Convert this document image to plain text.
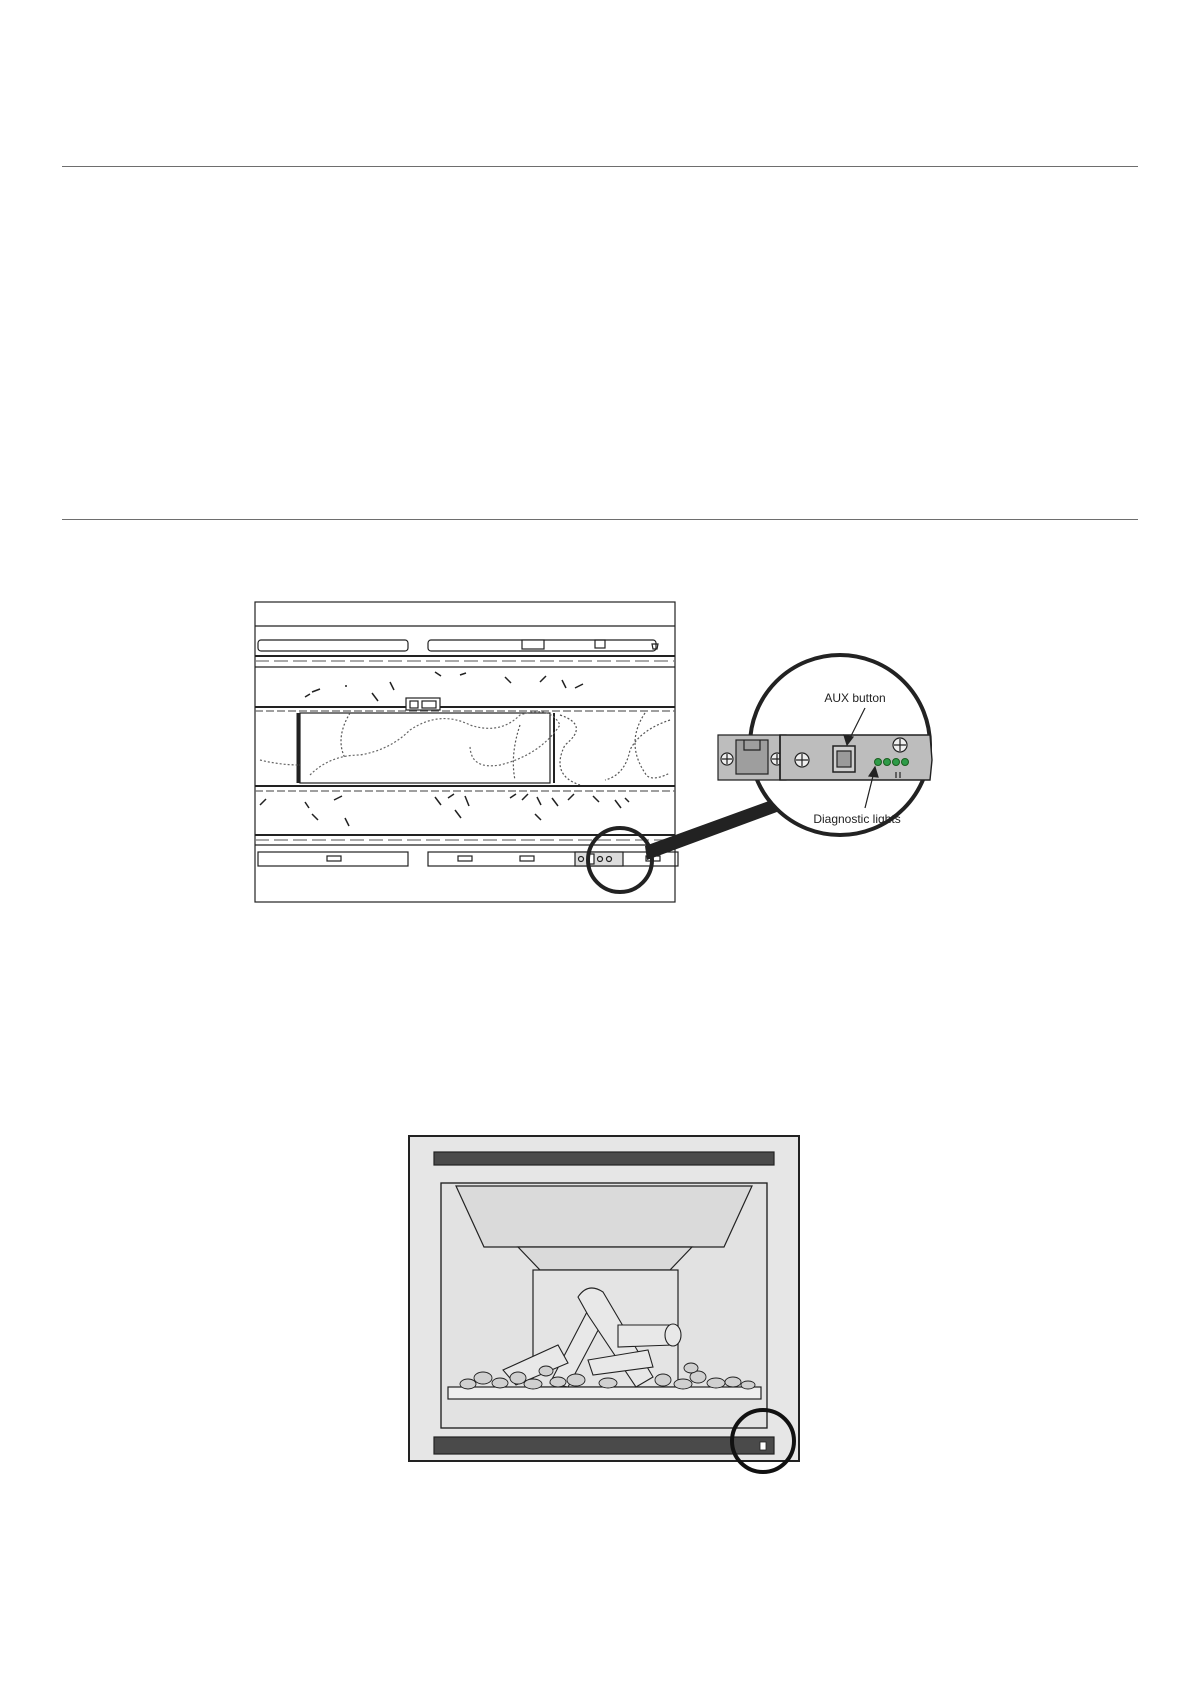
AUX button
Diagnostic lights
